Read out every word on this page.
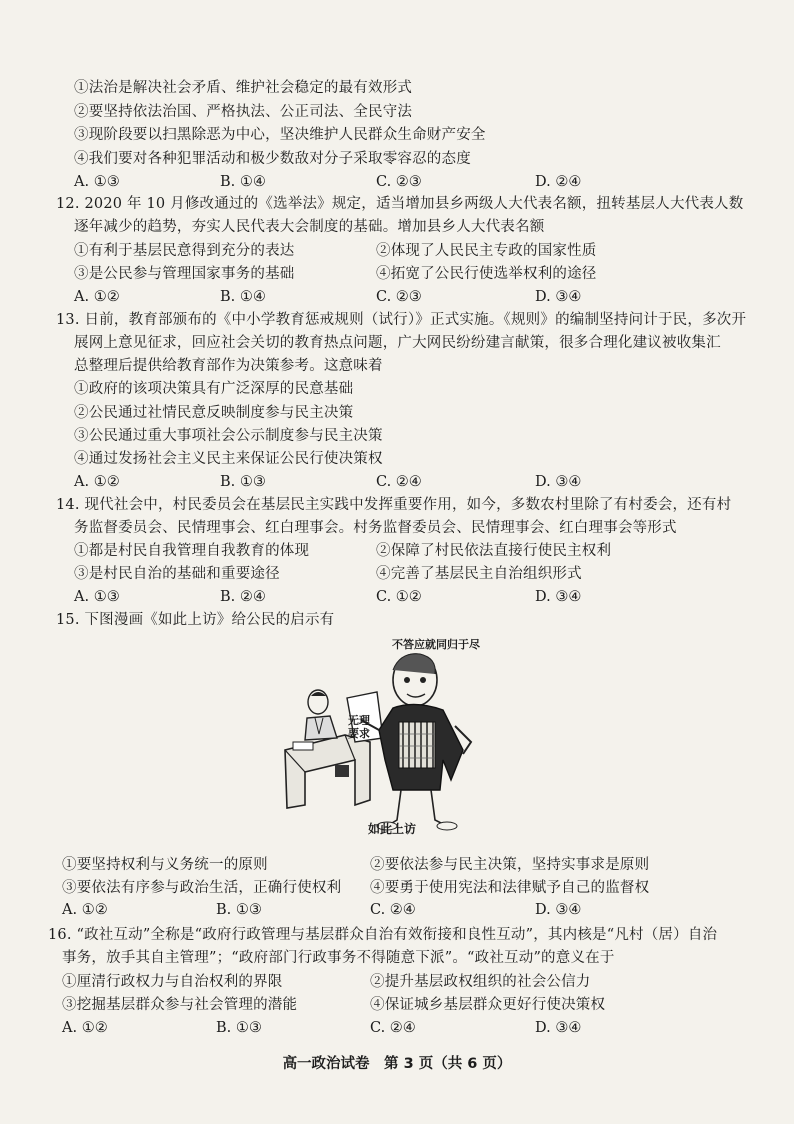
①法治是解决社会矛盾、维护社会稳定的最有效形式
②要坚持依法治国、严格执法、公正司法、全民守法
③现阶段要以扫黑除恶为中心，坚决维护人民群众生命财产安全
④我们要对各种犯罪活动和极少数敌对分子采取零容忍的态度
A. ①③	B. ①④	C. ②③	D. ②④
12. 2020 年 10 月修改通过的《选举法》规定，适当增加县乡两级人大代表名额，扭转基层人大代表人数
逐年减少的趋势，夯实人民代表大会制度的基础。增加县乡人大代表名额
①有利于基层民意得到充分的表达	②体现了人民民主专政的国家性质
③是公民参与管理国家事务的基础	④拓宽了公民行使选举权利的途径
A. ①②	B. ①④	C. ②③	D. ③④
13. 日前，教育部颁布的《中小学教育惩戒规则（试行）》正式实施。《规则》的编制坚持问计于民，多次开
展网上意见征求，回应社会关切的教育热点问题，广大网民纷纷建言献策，很多合理化建议被收集汇
总整理后提供给教育部作为决策参考。这意味着
①政府的该项决策具有广泛深厚的民意基础
②公民通过社情民意反映制度参与民主决策
③公民通过重大事项社会公示制度参与民主决策
④通过发扬社会主义民主来保证公民行使决策权
A. ①②	B. ①③	C. ②④	D. ③④
14. 现代社会中，村民委员会在基层民主实践中发挥重要作用，如今，多数农村里除了有村委会，还有村
务监督委员会、民情理事会、红白理事会。村务监督委员会、民情理事会、红白理事会等形式
①都是村民自我管理自我教育的体现	②保障了村民依法直接行使民主权利
③是村民自治的基础和重要途径	④完善了基层民主自治组织形式
A. ①③	B. ②④	C. ①②	D. ③④
15. 下图漫画《如此上访》给公民的启示有
不答应就同归于尽
无理要求
如此上访
①要坚持权利与义务统一的原则	②要依法参与民主决策，坚持实事求是原则
③要依法有序参与政治生活，正确行使权利 ④要勇于使用宪法和法律赋予自己的监督权
A. ①②	B. ①③	C. ②④	D. ③④
16. “政社互动”全称是“政府行政管理与基层群众自治有效衔接和良性互动”，其内核是“凡村（居）自治
事务，放手其自主管理”；“政府部门行政事务不得随意下派”。“政社互动”的意义在于
①厘清行政权力与自治权利的界限	②提升基层政权组织的社会公信力
③挖掘基层群众参与社会管理的潜能	④保证城乡基层群众更好行使决策权
A. ①②	B. ①③	C. ②④	D. ③④
高一政治试卷　第 3 页（共 6 页）
